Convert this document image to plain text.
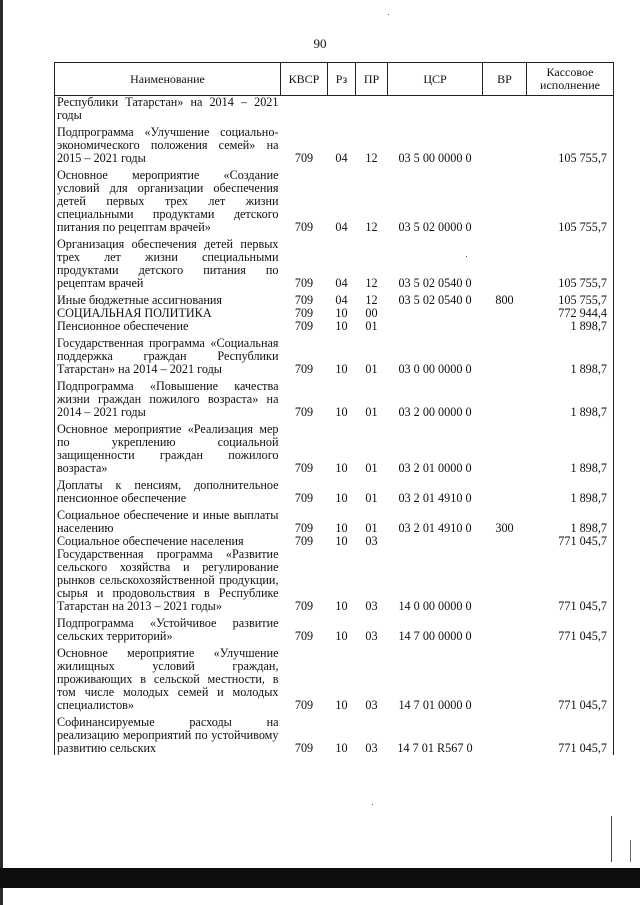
90
Наименование	КВСР	Рз	ПР	ЦСР	ВР	Кассовое исполнение
Республики Татарстан» на 2014 – 2021 годы						

Подпрограмма «Улучшение социально-экономического положения семей» на 2015 – 2021 годы	709	04	12	03 5 00 0000 0		105 755,7

Основное мероприятие «Создание условий для организации обеспечения детей первых трех лет жизни специальными продуктами детского питания по рецептам врачей»	709	04	12	03 5 02 0000 0		105 755,7

Организация обеспечения детей первых трех лет жизни специальными продуктами детского питания по рецептам врачей	709	04	12	03 5 02 0540 0		105 755,7

Иные бюджетные ассигнования	709	04	12	03 5 02 0540 0	800	105 755,7
СОЦИАЛЬНАЯ ПОЛИТИКА	709	10	00			772 944,4
Пенсионное обеспечение	709	10	01			1 898,7

Государственная программа «Социальная поддержка граждан Республики Татарстан» на 2014 – 2021 годы	709	10	01	03 0 00 0000 0		1 898,7

Подпрограмма «Повышение качества жизни граждан пожилого возраста» на 2014 – 2021 годы	709	10	01	03 2 00 0000 0		1 898,7

Основное мероприятие «Реализация мер по укреплению социальной защищенности граждан пожилого возраста»	709	10	01	03 2 01 0000 0		1 898,7

Доплаты к пенсиям, дополнительное пенсионное обеспечение	709	10	01	03 2 01 4910 0		1 898,7

Социальное обеспечение и иные выплаты населению	709	10	01	03 2 01 4910 0	300	1 898,7
Социальное обеспечение населения	709	10	03			771 045,7
Государственная программа «Развитие сельского хозяйства и регулирование рынков сельскохозяйственной продукции, сырья и продовольствия в Республике Татарстан на 2013 – 2021 годы»	709	10	03	14 0 00 0000 0		771 045,7

Подпрограмма «Устойчивое развитие сельских территорий»	709	10	03	14 7 00 0000 0		771 045,7

Основное мероприятие «Улучшение жилищных условий граждан, проживающих в сельской местности, в том числе молодых семей и молодых специалистов»	709	10	03	14 7 01 0000 0		771 045,7

Софинансируемые расходы на реализацию мероприятий по устойчивому развитию сельских	709	10	03	14 7 01 R567 0		771 045,7
